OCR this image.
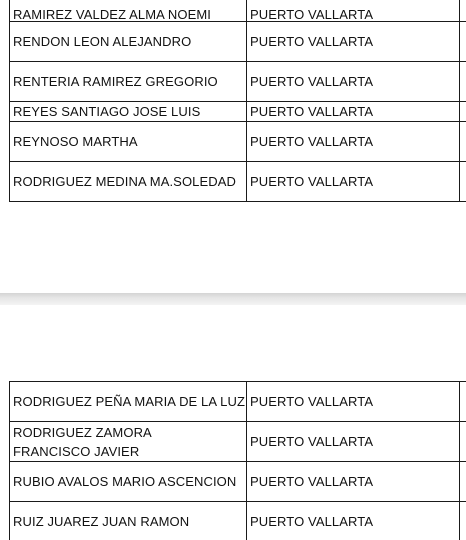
RAMIREZ VALDEZ ALMA NOEMI	PUERTO VALLARTA	
RENDON LEON ALEJANDRO	PUERTO VALLARTA	
RENTERIA RAMIREZ GREGORIO	PUERTO VALLARTA	
REYES SANTIAGO JOSE LUIS	PUERTO VALLARTA	
REYNOSO MARTHA	PUERTO VALLARTA	
RODRIGUEZ MEDINA MA.SOLEDAD	PUERTO VALLARTA	
RODRIGUEZ PEÑA MARIA DE LA LUZ	PUERTO VALLARTA	
RODRIGUEZ ZAMORA FRANCISCO JAVIER	PUERTO VALLARTA	
RUBIO AVALOS MARIO ASCENCION	PUERTO VALLARTA	
RUIZ JUAREZ JUAN RAMON	PUERTO VALLARTA	
